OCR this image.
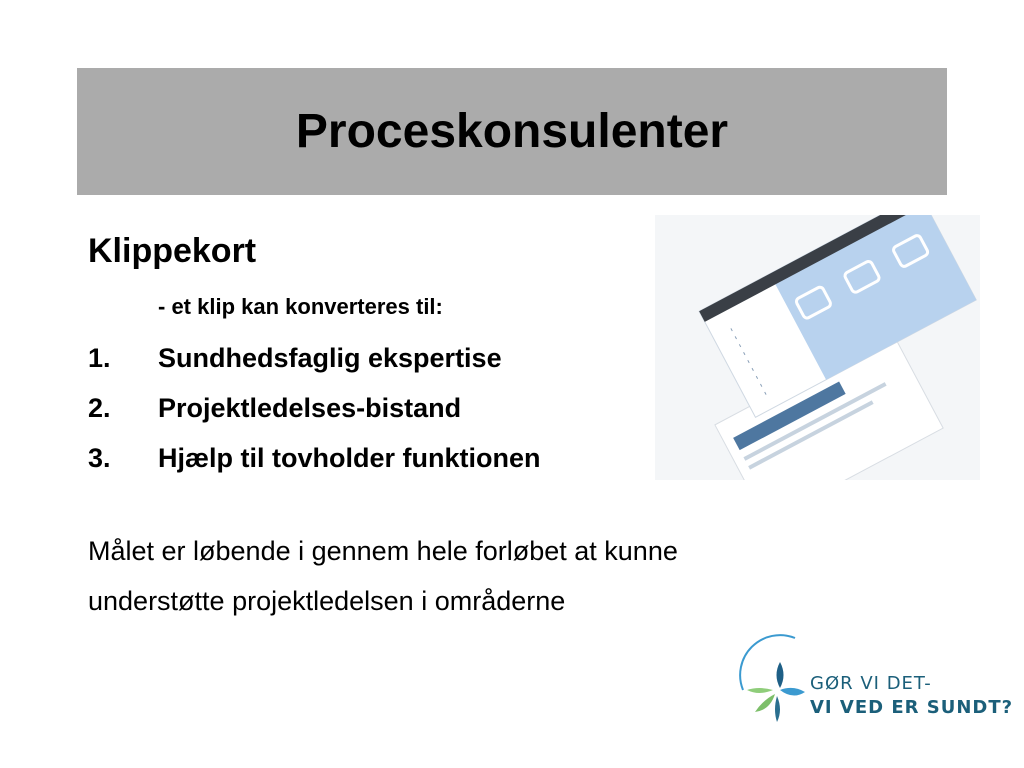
Proceskonsulenter
Klippekort
- et klip kan konverteres til:
1.	Sundhedsfaglig ekspertise
2.	Projektledelses-bistand
3.	Hjælp til tovholder funktionen
Målet er løbende i gennem hele forløbet at kunne
understøtte projektledelsen i områderne
GØR VI DET-
VI VED ER SUNDT?
